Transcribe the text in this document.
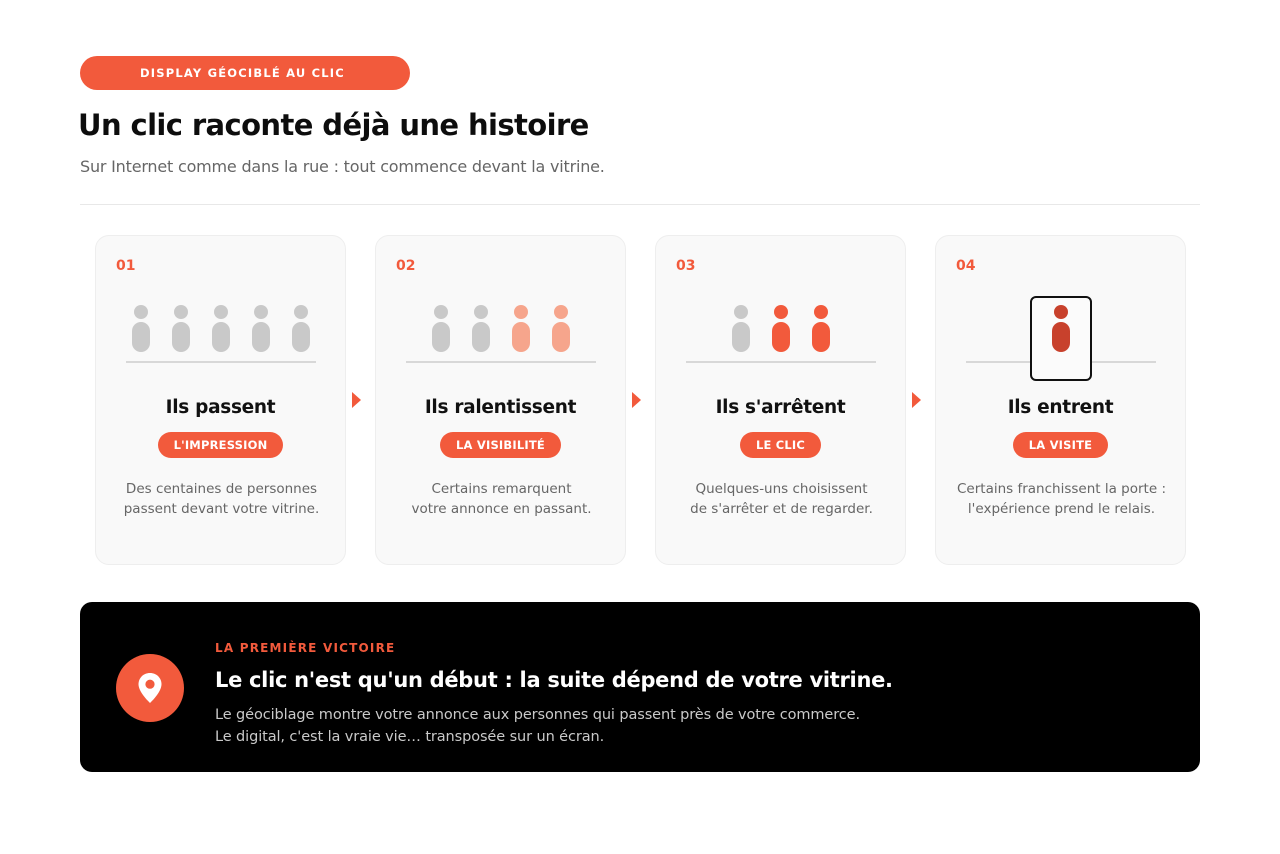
DISPLAY GÉOCIBLÉ AU CLIC
Un clic raconte déjà une histoire

Sur Internet comme dans la rue : tout commence devant la vitrine.

01
Ils passent
L'IMPRESSION
Des centaines de personnes
passent devant votre vitrine.
02
Ils ralentissent
LA VISIBILITÉ
Certains remarquent
votre annonce en passant.
03
Ils s'arrêtent
LE CLIC
Quelques-uns choisissent
de s'arrêter et de regarder.
04
Ils entrent
LA VISITE
Certains franchissent la porte :
l'expérience prend le relais.
LA PREMIÈRE VICTOIRE
Le clic n'est qu'un début : la suite dépend de votre vitrine.
Le géociblage montre votre annonce aux personnes qui passent près de votre commerce.
Le digital, c'est la vraie vie… transposée sur un écran.
